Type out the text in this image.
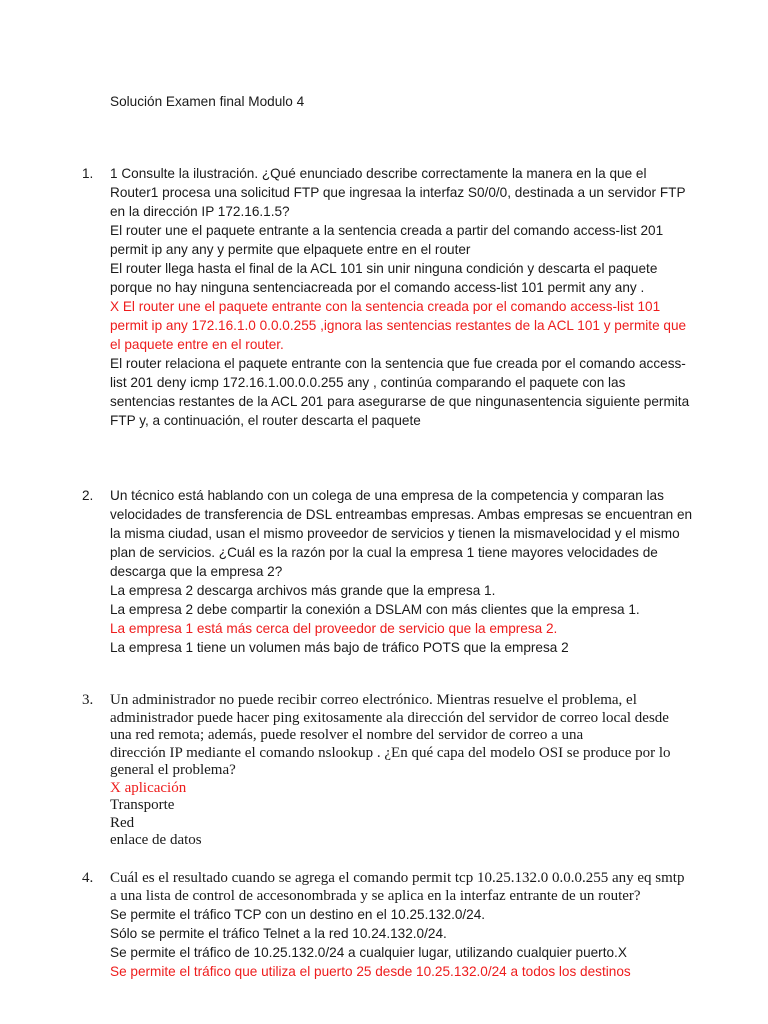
Solución Examen final Modulo 4
1.	1 Consulte la ilustración. ¿Qué enunciado describe correctamente la manera en la que el

Router1 procesa una solicitud FTP que ingresaa la interfaz S0/0/0, destinada a un servidor FTP

en la dirección IP 172.16.1.5?

El router une el paquete entrante a la sentencia creada a partir del comando access-list 201

permit ip any any y permite que elpaquete entre en el router

El router llega hasta el final de la ACL 101 sin unir ninguna condición y descarta el paquete

porque no hay ninguna sentenciacreada por el comando access-list 101 permit any any .

X El router une el paquete entrante con la sentencia creada por el comando access-list 101

permit ip any 172.16.1.0 0.0.0.255 ,ignora las sentencias restantes de la ACL 101 y permite que

el paquete entre en el router.

El router relaciona el paquete entrante con la sentencia que fue creada por el comando access-

list 201 deny icmp 172.16.1.00.0.0.255 any , continúa comparando el paquete con las

sentencias restantes de la ACL 201 para asegurarse de que ningunasentencia siguiente permita

FTP y, a continuación, el router descarta el paquete

2.	Un técnico está hablando con un colega de una empresa de la competencia y comparan las

velocidades de transferencia de DSL entreambas empresas. Ambas empresas se encuentran en

la misma ciudad, usan el mismo proveedor de servicios y tienen la mismavelocidad y el mismo

plan de servicios. ¿Cuál es la razón por la cual la empresa 1 tiene mayores velocidades de

descarga que la empresa 2?

La empresa 2 descarga archivos más grande que la empresa 1.

La empresa 2 debe compartir la conexión a DSLAM con más clientes que la empresa 1.

La empresa 1 está más cerca del proveedor de servicio que la empresa 2.

La empresa 1 tiene un volumen más bajo de tráfico POTS que la empresa 2

3.	Un administrador no puede recibir correo electrónico. Mientras resuelve el problema, el

administrador puede hacer ping exitosamente ala dirección del servidor de correo local desde

una red remota; además, puede resolver el nombre del servidor de correo a una

dirección IP mediante el comando nslookup . ¿En qué capa del modelo OSI se produce por lo

general el problema?

X aplicación

Transporte

Red

enlace de datos

4.	Cuál es el resultado cuando se agrega el comando permit tcp 10.25.132.0 0.0.0.255 any eq smtp

a una lista de control de accesonombrada y se aplica en la interfaz entrante de un router?

Se permite el tráfico TCP con un destino en el 10.25.132.0/24.

Sólo se permite el tráfico Telnet a la red 10.24.132.0/24.

Se permite el tráfico de 10.25.132.0/24 a cualquier lugar, utilizando cualquier puerto.X

Se permite el tráfico que utiliza el puerto 25 desde 10.25.132.0/24 a todos los destinos
